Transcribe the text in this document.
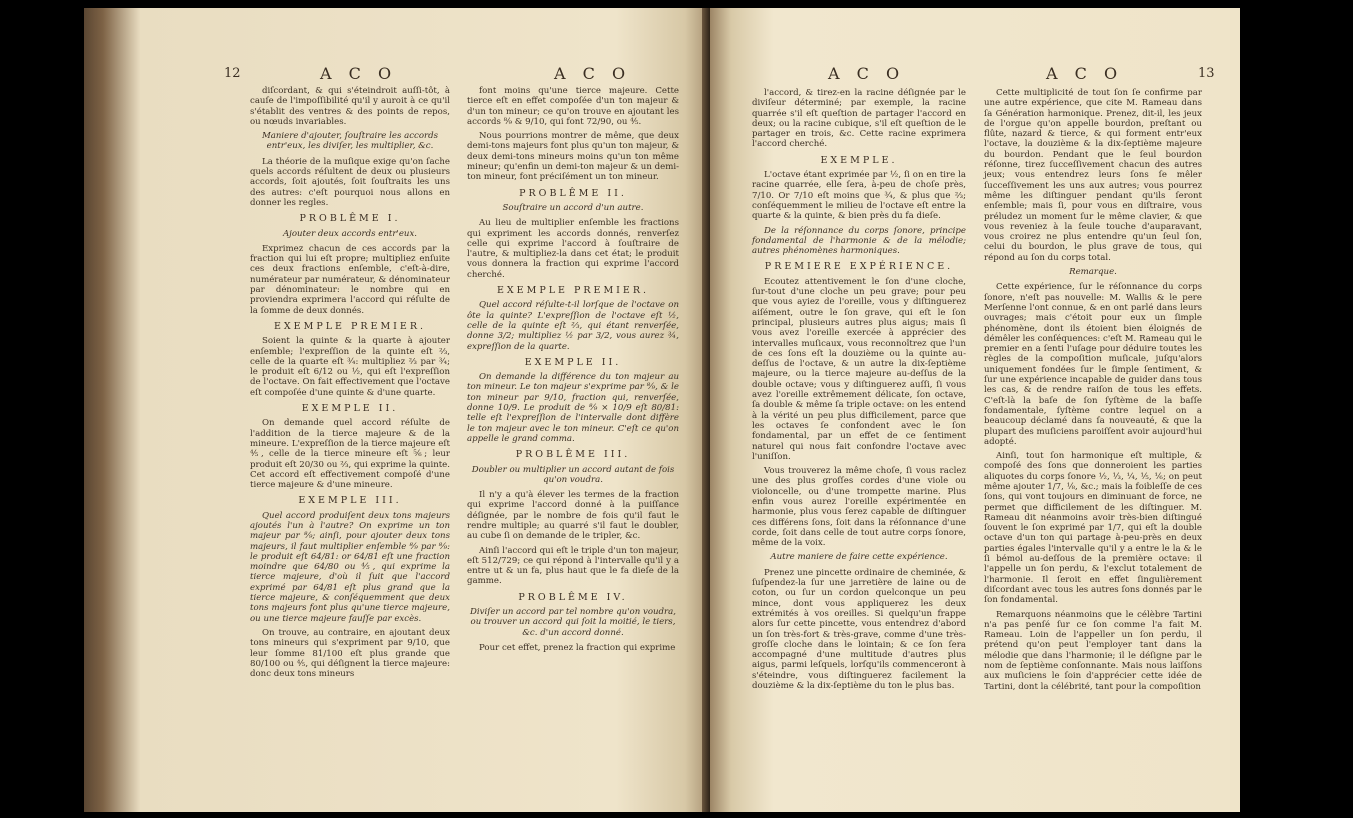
12	A C O	A C O

diſcordant, & qui s'éteindroit auſſi-tôt, à cauſe de l'impoſſibilité qu'il y auroit à ce qu'il s'établit des ventres & des points de repos, ou nœuds invariables.

Maniere d'ajouter, ſouſtraire les accords entr'eux, les diviſer, les multiplier, &c.

La théorie de la muſique exige qu'on ſache quels accords réſultent de deux ou plusieurs accords, ſoit ajoutés, ſoit ſouſtraits les uns des autres: c'eſt pourquoi nous allons en donner les regles.

PROBLÊME I.
Ajouter deux accords entr'eux.

Exprimez chacun de ces accords par la fraction qui lui eſt propre; multipliez enſuite ces deux fractions enſemble, c'eſt-à-dire, numérateur par numérateur, & dénominateur par dénominateur: le nombre qui en proviendra exprimera l'accord qui réſulte de la ſomme de deux donnés.

EXEMPLE PREMIER.

Soient la quinte & la quarte à ajouter enſemble; l'expreſſion de la quinte eſt ⅔, celle de la quarte eſt ¾: multipliez ⅔ par ¾; le produit eſt 6/12 ou ½, qui eſt l'expreſſion de l'octave. On fait effectivement que l'octave eſt compoſée d'une quinte & d'une quarte.

EXEMPLE II.

On demande quel accord réſulte de l'addition de la tierce majeure & de la mineure. L'expreſſion de la tierce majeure eſt ⅘, celle de la tierce mineure eſt ⅚; leur produit eſt 20/30 ou ⅔, qui exprime la quinte. Cet accord eſt effectivement compoſé d'une tierce majeure & d'une mineure.

EXEMPLE III.

Quel accord produiſent deux tons majeurs ajoutés l'un à l'autre? On exprime un ton majeur par ⁸⁄₉; ainſi, pour ajouter deux tons majeurs, il faut multiplier enſemble ⁸⁄₉ par ⁸⁄₉: le produit eſt 64/81: or 64/81 eſt une fraction moindre que 64/80 ou ⅘, qui exprime la tierce majeure, d'où il ſuit que l'accord exprimé par 64/81 eſt plus grand que la tierce majeure, & conſéquemment que deux tons majeurs font plus qu'une tierce majeure, ou une tierce majeure fauſſe par excès.

On trouve, au contraire, en ajoutant deux tons mineurs qui s'expriment par 9/10, que leur ſomme 81/100 eſt plus grande que 80/100 ou ⅘, qui déſignent la tierce majeure: donc deux tons mineurs

font moins qu'une tierce majeure. Cette tierce eſt en effet compoſée d'un ton majeur & d'un ton mineur; ce qu'on trouve en ajoutant les accords ⁸⁄₉ & 9/10, qui font 72/90, ou ⅘.

Nous pourrions montrer de même, que deux demi-tons majeurs font plus qu'un ton majeur, & deux demi-tons mineurs moins qu'un ton même mineur; qu'enfin un demi-ton majeur & un demi-ton mineur, font préciſément un ton mineur.

PROBLÊME II.
Souſtraire un accord d'un autre.

Au lieu de multiplier enſemble les fractions qui expriment les accords donnés, renverſez celle qui exprime l'accord à ſouſtraire de l'autre, & multipliez-la dans cet état; le produit vous donnera la fraction qui exprime l'accord cherché.

EXEMPLE PREMIER.

Quel accord réſulte-t-il lorſque de l'octave on ôte la quinte? L'expreſſion de l'octave eſt ½, celle de la quinte eſt ⅔, qui étant renverſée, donne 3/2; multipliez ½ par 3/2, vous aurez ¾, expreſſion de la quarte.

EXEMPLE II.

On demande la différence du ton majeur au ton mineur. Le ton majeur s'exprime par ⁸⁄₉, & le ton mineur par 9/10, fraction qui, renverſée, donne 10/9. Le produit de ⁸⁄₉ × 10/9 eſt 80/81: telle eſt l'expreſſion de l'intervalle dont diffère le ton majeur avec le ton mineur. C'eſt ce qu'on appelle le grand comma.

PROBLÊME III.
Doubler ou multiplier un accord autant de fois qu'on voudra.

Il n'y a qu'à élever les termes de la fraction qui exprime l'accord donné à la puiſſance déſignée, par le nombre de fois qu'il faut le rendre multiple; au quarré s'il faut le doubler, au cube ſi on demande de le tripler, &c.

Ainſi l'accord qui eſt le triple d'un ton majeur, eſt 512/729; ce qui répond à l'intervalle qu'il y a entre ut & un fa, plus haut que le fa dieſe de la gamme.

PROBLÊME IV.
Diviſer un accord par tel nombre qu'on voudra, ou trouver un accord qui ſoit la moitié, le tiers, &c. d'un accord donné.

Pour cet effet, prenez la fraction qui exprime

A C O	A C O	13

l'accord, & tirez-en la racine déſignée par le diviſeur déterminé; par exemple, la racine quarrée s'il eſt queſtion de partager l'accord en deux; ou la racine cubique, s'il eſt queſtion de le partager en trois, &c. Cette racine exprimera l'accord cherché.

EXEMPLE.

L'octave étant exprimée par ½, ſi on en tire la racine quarrée, elle ſera, à-peu de choſe près, 7/10. Or 7/10 eſt moins que ¾, & plus que ⅔; conſéquemment le milieu de l'octave eſt entre la quarte & la quinte, & bien près du fa dieſe.

De la réſonnance du corps ſonore, principe fondamental de l'harmonie & de la mélodie; autres phénomènes harmoniques.

PREMIERE EXPÉRIENCE.

Ecoutez attentivement le ſon d'une cloche, ſur-tout d'une cloche un peu grave; pour peu que vous ayiez de l'oreille, vous y diſtinguerez aiſément, outre le ſon grave, qui eſt le ſon principal, plusieurs autres plus aigus; mais ſi vous avez l'oreille exercée à apprécier des intervalles muſicaux, vous reconnoîtrez que l'un de ces ſons eſt la douzième ou la quinte au-deſſus de l'octave, & un autre la dix-ſeptième majeure, ou la tierce majeure au-deſſus de la double octave; vous y diſtinguerez auſſi, ſi vous avez l'oreille extrêmement délicate, ſon octave, ſa double & même ſa triple octave: on les entend à la vérité un peu plus difficilement, parce que les octaves ſe confondent avec le ſon fondamental, par un effet de ce ſentiment naturel qui nous fait confondre l'octave avec l'uniſſon.

Vous trouverez la même choſe, ſi vous raclez une des plus groſſes cordes d'une viole ou violoncelle, ou d'une trompette marine. Plus enfin vous aurez l'oreille expérimentée en harmonie, plus vous ſerez capable de diſtinguer ces différens ſons, ſoit dans la réſonnance d'une corde, ſoit dans celle de tout autre corps ſonore, même de la voix.

Autre maniere de faire cette expérience.

Prenez une pincette ordinaire de cheminée, & ſuſpendez-la ſur une jarretière de laine ou de coton, ou ſur un cordon quelconque un peu mince, dont vous appliquerez les deux extrémités à vos oreilles. Si quelqu'un frappe alors ſur cette pincette, vous entendrez d'abord un ſon très-fort & très-grave, comme d'une très-groſſe cloche dans le lointain; & ce ſon ſera accompagné d'une multitude d'autres plus aigus, parmi leſquels, lorſqu'ils commenceront à s'éteindre, vous diſtinguerez facilement la douzième & la dix-ſeptième du ton le plus bas.

Cette multiplicité de tout ſon ſe confirme par une autre expérience, que cite M. Rameau dans ſa Génération harmonique. Prenez, dit-il, les jeux de l'orgue qu'on appelle bourdon, preſtant ou flûte, nazard & tierce, & qui forment entr'eux l'octave, la douzième & la dix-ſeptième majeure du bourdon. Pendant que le ſeul bourdon réſonne, tirez ſucceſſivement chacun des autres jeux; vous entendrez leurs ſons ſe mêler ſucceſſivement les uns aux autres; vous pourrez même les diſtinguer pendant qu'ils ſeront enſemble; mais ſi, pour vous en diſtraire, vous préludez un moment ſur le même clavier, & que vous reveniez à la ſeule touche d'auparavant, vous croirez ne plus entendre qu'un ſeul ſon, celui du bourdon, le plus grave de tous, qui répond au ſon du corps total.

Remarque.

Cette expérience, ſur le réſonnance du corps ſonore, n'eſt pas nouvelle: M. Wallis & le pere Merſenne l'ont connue, & en ont parlé dans leurs ouvrages; mais c'étoit pour eux un ſimple phénomène, dont ils étoient bien éloignés de démêler les conſéquences: c'eſt M. Rameau qui le premier en a ſenti l'uſage pour déduire toutes les règles de la compoſition muſicale, juſqu'alors uniquement fondées ſur le ſimple ſentiment, & ſur une expérience incapable de guider dans tous les cas, & de rendre raiſon de tous les effets. C'eſt-là la baſe de ſon ſyſtème de la baſſe fondamentale, ſyſtème contre lequel on a beaucoup déclamé dans ſa nouveauté, & que la plupart des muſiciens paroiſſent avoir aujourd'hui adopté.

Ainſi, tout ſon harmonique eſt multiple, & compoſé des ſons que donneroient les parties aliquotes du corps ſonore ½, ⅓, ¼, ⅕, ⅙; on peut même ajouter 1/7, ⅛, &c.; mais la foibleſſe de ces ſons, qui vont toujours en diminuant de force, ne permet que difficilement de les diſtinguer. M. Rameau dit néanmoins avoir très-bien diſtingué ſouvent le ſon exprimé par 1/7, qui eſt la double octave d'un ton qui partage à-peu-près en deux parties égales l'intervalle qu'il y a entre le la & le ſi bémol au-deſſous de la première octave: il l'appelle un ſon perdu, & l'exclut totalement de l'harmonie. Il ſeroit en effet ſingulièrement diſcordant avec tous les autres ſons donnés par le ſon fondamental.

Remarquons néanmoins que le célèbre Tartini n'a pas penſé ſur ce ſon comme l'a fait M. Rameau. Loin de l'appeller un ſon perdu, il prétend qu'on peut l'employer tant dans la mélodie que dans l'harmonie; il le déſigne par le nom de ſeptième conſonnante. Mais nous laiſſons aux muſiciens le ſoin d'apprécier cette idée de Tartini, dont la célébrité, tant pour la compoſition
